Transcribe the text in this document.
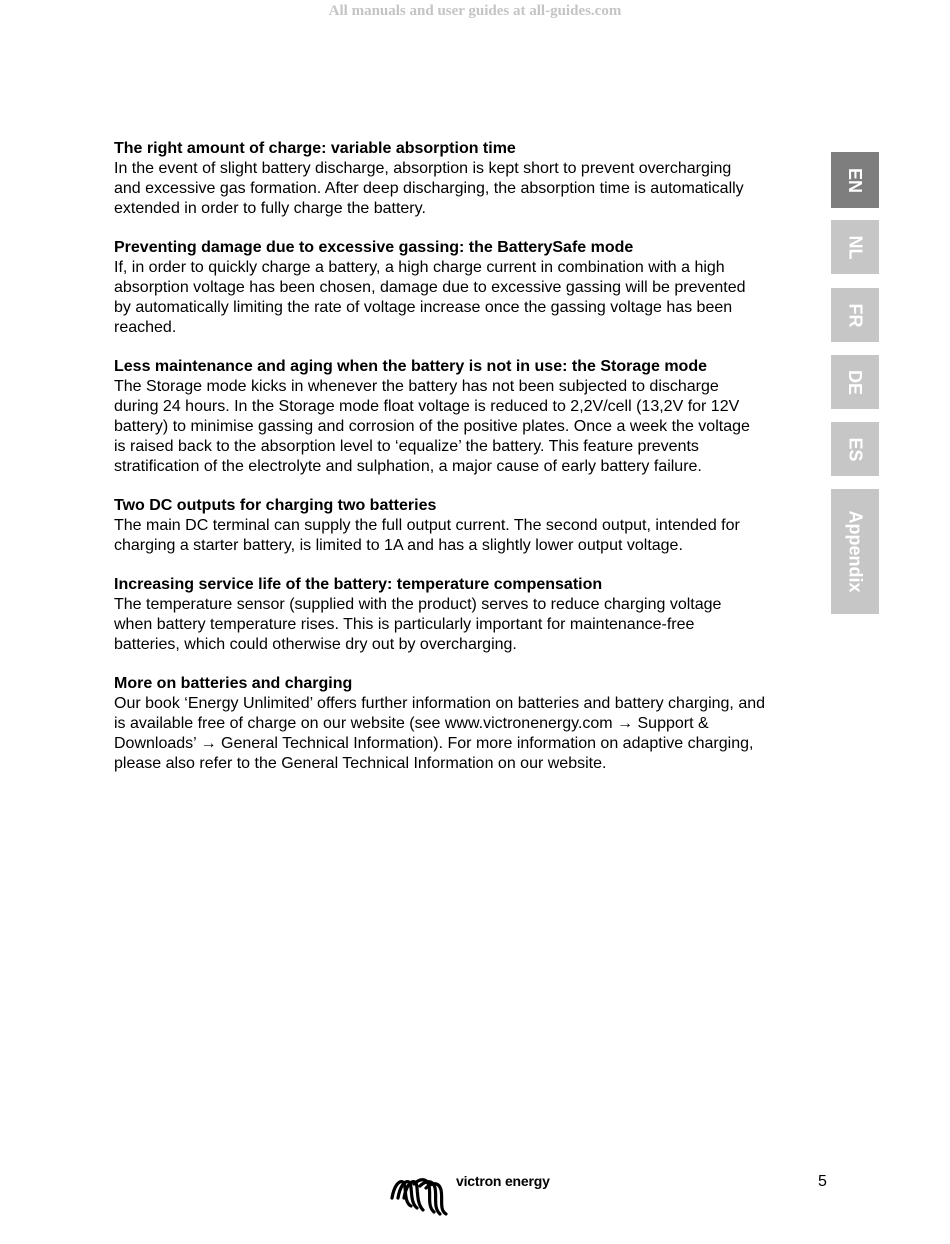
All manuals and user guides at all-guides.com
The right amount of charge: variable absorption time

In the event of slight battery discharge, absorption is kept short to prevent overcharging
and excessive gas formation. After deep discharging, the absorption time is automatically
extended in order to fully charge the battery.

Preventing damage due to excessive gassing: the BatterySafe mode

If, in order to quickly charge a battery, a high charge current in combination with a high
absorption voltage has been chosen, damage due to excessive gassing will be prevented
by automatically limiting the rate of voltage increase once the gassing voltage has been
reached.

Less maintenance and aging when the battery is not in use: the Storage mode

The Storage mode kicks in whenever the battery has not been subjected to discharge
during 24 hours. In the Storage mode float voltage is reduced to 2,2V/cell (13,2V for 12V
battery) to minimise gassing and corrosion of the positive plates. Once a week the voltage
is raised back to the absorption level to ‘equalize’ the battery. This feature prevents
stratification of the electrolyte and sulphation, a major cause of early battery failure.

Two DC outputs for charging two batteries

The main DC terminal can supply the full output current. The second output, intended for
charging a starter battery, is limited to 1A and has a slightly lower output voltage.

Increasing service life of the battery: temperature compensation

The temperature sensor (supplied with the product) serves to reduce charging voltage
when battery temperature rises. This is particularly important for maintenance-free
batteries, which could otherwise dry out by overcharging.

More on batteries and charging

Our book ‘Energy Unlimited’ offers further information on batteries and battery charging, and
is available free of charge on our website (see www.victronenergy.com → Support &
Downloads’ → General Technical Information). For more information on adaptive charging,
please also refer to the General Technical Information on our website.

EN
NL
FR
DE
ES
Appendix
victron energy	5
